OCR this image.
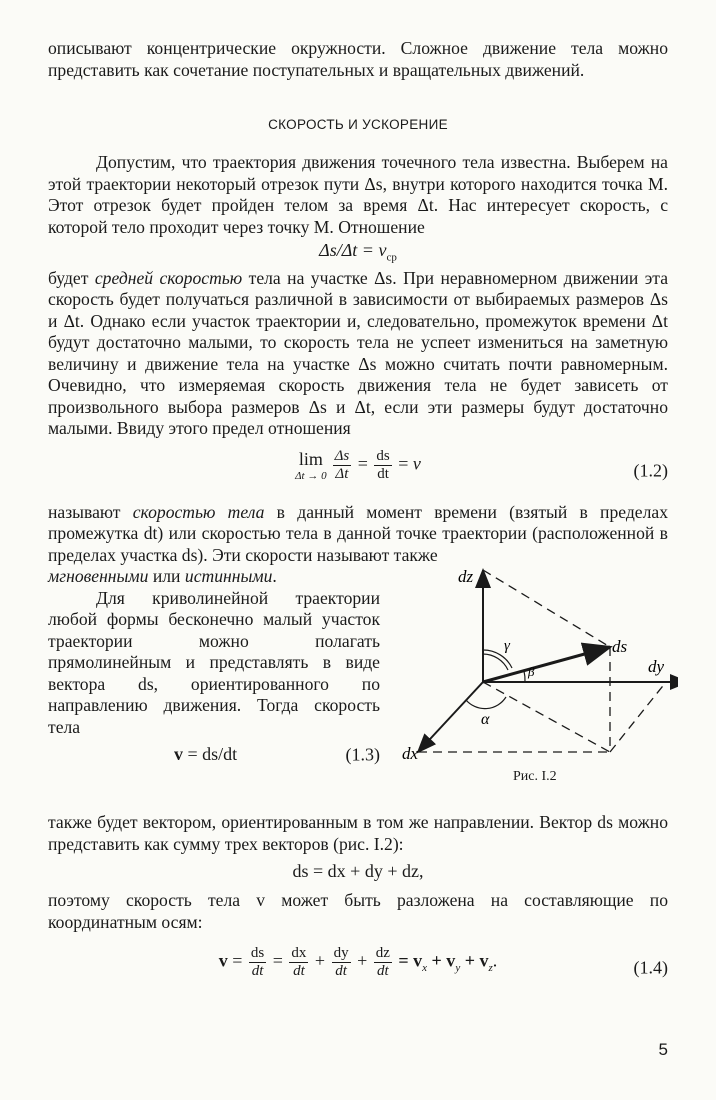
описывают концентрические окружности. Сложное движение тела можно представить как сочетание поступательных и вращательных движений.

СКОРОСТЬ И УСКОРЕНИЕ

Допустим, что траектория движения точечного тела известна. Выберем на этой траектории некоторый отрезок пути Δs, внутри которого находится точка M. Этот отрезок будет пройден телом за время Δt. Нас интересует скорость, с которой тело проходит через точку M. Отношение

$\Delta s/\Delta t = v_{ср}$

будет средней скоростью тела на участке Δs. При неравномерном движении эта скорость будет получаться различной в зависимости от выбираемых размеров Δs и Δt. Однако если участок траектории и, следовательно, промежуток времени Δt будут достаточно малыми, то скорость тела не успеет измениться на заметную величину и движение тела на участке Δs можно считать почти равномерным. Очевидно, что измеряемая скорость движения тела не будет зависеть от произвольного выбора размеров Δs и Δt, если эти размеры будут достаточно малыми. Ввиду этого предел отношения

lim
$\Delta t \to 0 \frac{\Delta s}{\Delta t} = \frac{ds}{dt} = v$	(1.2)

называют скоростью тела в данный момент времени (взятый в пределах промежутка dt) или скоростью тела в данной точке траектории (расположенной в пределах участка ds). Эти скорости называют также

мгновенными или истинными.

Для криволинейной траектории любой формы бесконечно малый участок траектории можно полагать прямолинейным и представлять в виде вектора ds, ориентированного по направлению движения. Тогда скорость тела

v = ds/dt	(1.3)
dz
ds
dy
dx
γ
β
α
Рис. I.2

также будет вектором, ориентированным в том же направлении. Вектор ds можно представить как сумму трех векторов (рис. I.2):

ds = dx + dy + dz,

поэтому скорость тела v может быть разложена на составляющие по координатным осям:

$v = \frac{ds}{dt} = \frac{dx}{dt} + \frac{dy}{dt} + \frac{dz}{dt} = v_x + v_y + v_z$.	(1.4)
5
